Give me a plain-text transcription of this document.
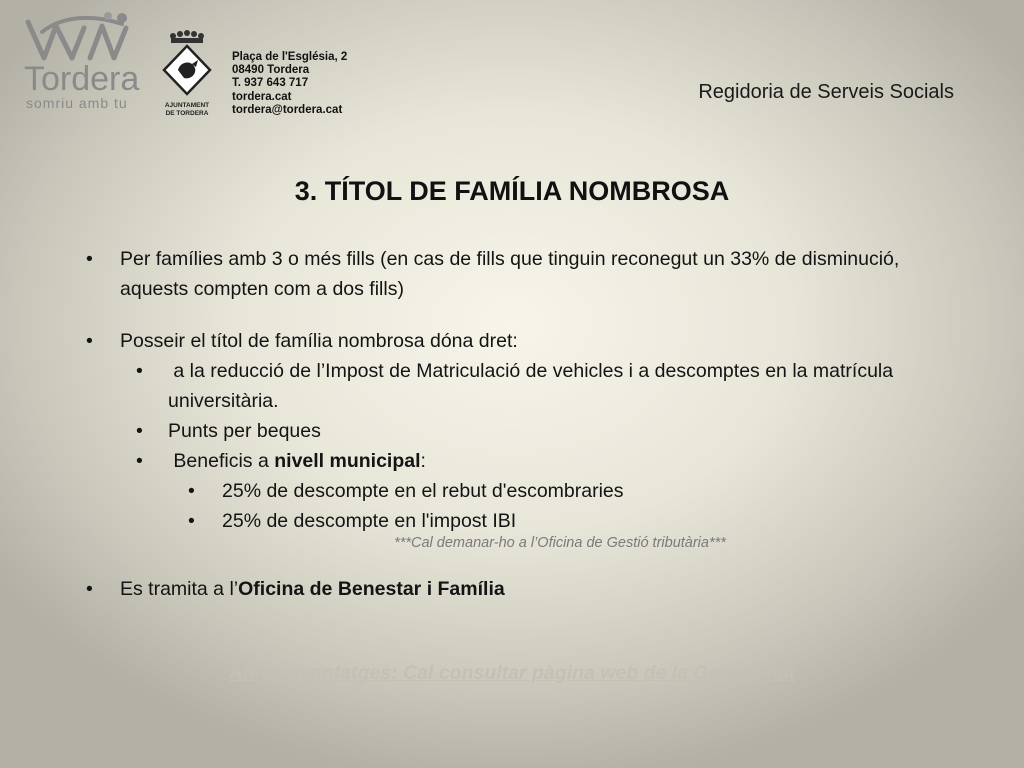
Tordera
somriu amb tu	AJUNTAMENT
DE TORDERA
Plaça de l'Església, 2
08490 Tordera
T. 937 643 717
tordera.cat
tordera@tordera.cat
Regidoria de Serveis Socials
3. TÍTOL DE FAMÍLIA NOMBROSA
• Per famílies amb 3 o més fills (en cas de fills que tinguin reconegut un 33% de disminució, aquests compten com a dos fills)
• Posseir el títol de família nombrosa dóna dret:
• a la reducció de l’Impost de Matriculació de vehicles i a descomptes en la matrícula universitària.
• Punts per beques
• Beneficis a nivell municipal:
• 25% de descompte en el rebut d'escombraries
• 25% de descompte en l'impost IBI
***Cal demanar-ho a l’Oficina de Gestió tributària***
• Es tramita a l’Oficina de Benestar i Família
Altres avantatges: Cal consultar pàgina web de la Generalitat
